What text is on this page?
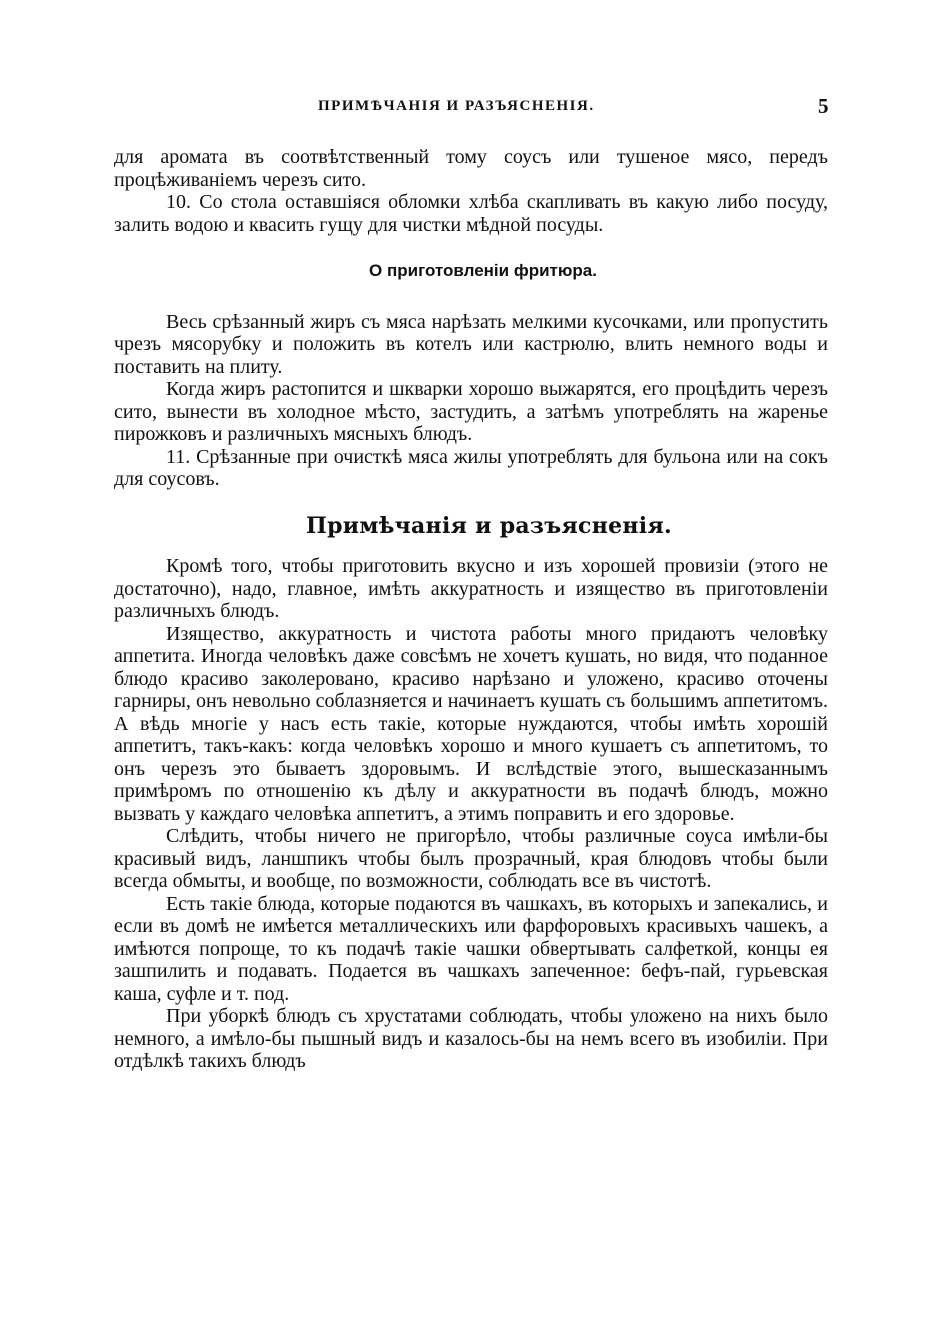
ПРИМѢЧАНІЯ И РАЗЪЯСНЕНІЯ.	5

для аромата въ соотвѣтственный тому соусъ или тушеное мясо, передъ процѣживаніемъ черезъ сито.

10. Со стола оставшіяся обломки хлѣба скапливать въ какую либо посуду, залить водою и квасить гущу для чистки мѣдной посуды.

О приготовленіи фритюра.

Весь срѣзанный жиръ съ мяса нарѣзать мелкими кусочками, или пропустить чрезъ мясорубку и положить въ котелъ или кастрюлю, влить немного воды и поставить на плиту.

Когда жиръ растопится и шкварки хорошо выжарятся, его процѣдить черезъ сито, вынести въ холодное мѣсто, застудить, а затѣмъ употреблять на жаренье пирожковъ и различныхъ мясныхъ блюдъ.

11. Срѣзанные при очисткѣ мяса жилы употреблять для бульона или на сокъ для соусовъ.

Примѣчанія и разъясненія.

Кромѣ того, чтобы приготовить вкусно и изъ хорошей провизіи (этого не достаточно), надо, главное, имѣть аккуратность и изящество въ приготовленіи различныхъ блюдъ.

Изящество, аккуратность и чистота работы много придаютъ человѣку аппетита. Иногда человѣкъ даже совсѣмъ не хочетъ кушать, но видя, что поданное блюдо красиво заколеровано, красиво нарѣзано и уложено, красиво оточены гарниры, онъ невольно соблазняется и начинаетъ кушать съ большимъ аппетитомъ. А вѣдь многіе у насъ есть такіе, которые нуждаются, чтобы имѣть хорошій аппетитъ, такъ-какъ: когда человѣкъ хорошо и много кушаетъ съ аппетитомъ, то онъ черезъ это бываетъ здоровымъ. И вслѣдствіе этого, вышесказаннымъ примѣромъ по отношенію къ дѣлу и аккуратности въ подачѣ блюдъ, можно вызвать у каждаго человѣка аппетитъ, а этимъ поправить и его здоровье.

Слѣдить, чтобы ничего не пригорѣло, чтобы различные соуса имѣли-бы красивый видъ, ланшпикъ чтобы былъ прозрачный, края блюдовъ чтобы были всегда обмыты, и вообще, по возможности, соблюдать все въ чистотѣ.

Есть такіе блюда, которые подаются въ чашкахъ, въ которыхъ и запекались, и если въ домѣ не имѣется металлическихъ или фарфоровыхъ красивыхъ чашекъ, а имѣются попроще, то къ подачѣ такіе чашки обвертывать салфеткой, концы ея зашпилить и подавать. Подается въ чашкахъ запеченное: бефъ-пай, гурьевская каша, суфле и т. под.

При уборкѣ блюдъ съ хрустатами соблюдать, чтобы уложено на нихъ было немного, а имѣло-бы пышный видъ и казалось-бы на немъ всего въ изобиліи. При отдѣлкѣ такихъ блюдъ
